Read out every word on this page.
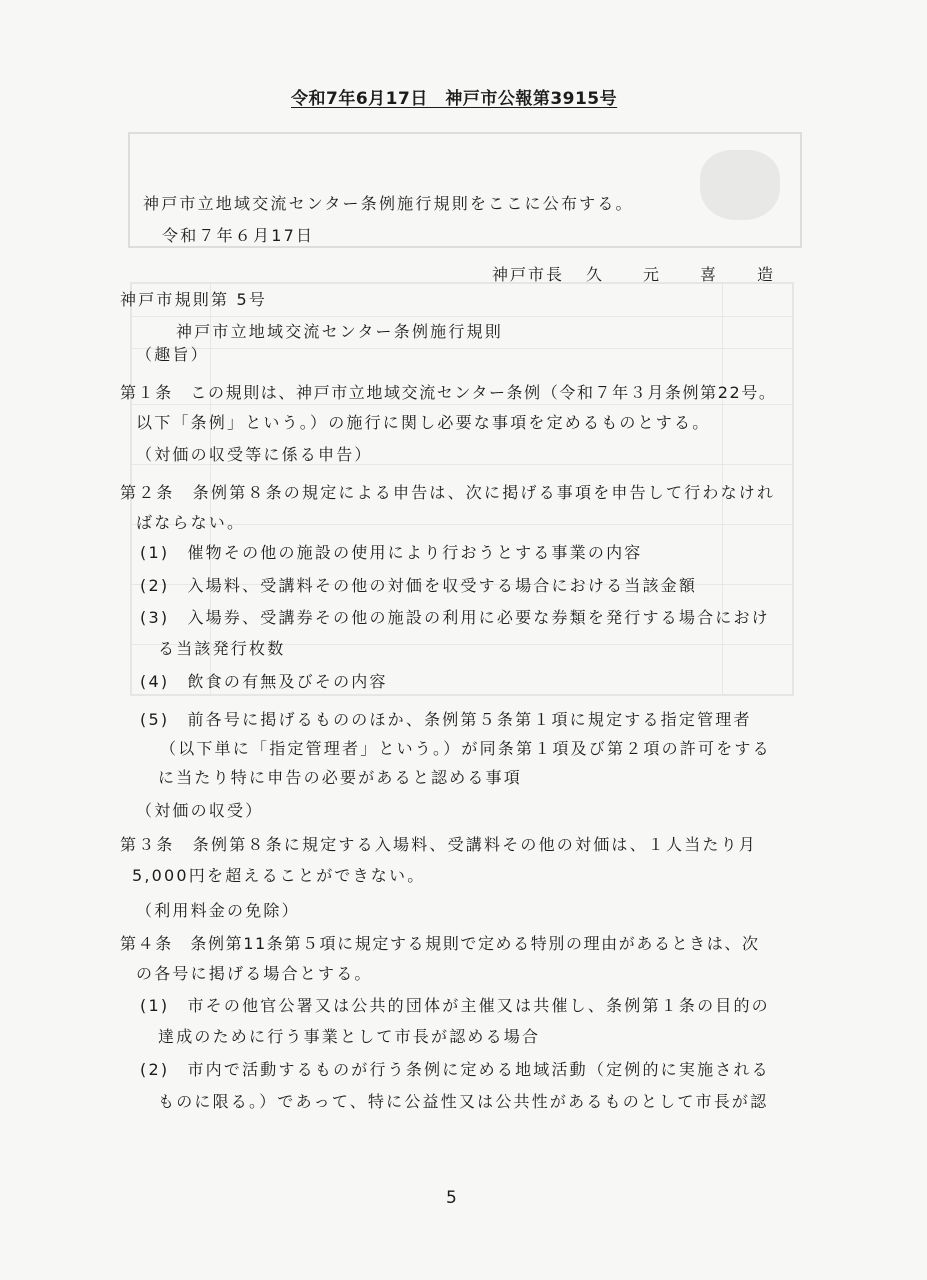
令和7年6月17日　神戸市公報第3915号
神戸市立地域交流センター条例施行規則をここに公布する。
令和７年６月17日
神戸市長 久	元	喜	造
神戸市規則第 5号
神戸市立地域交流センター条例施行規則
（趣旨）
第１条　この規則は、神戸市立地域交流センター条例（令和７年３月条例第22号。
以下「条例」という。）の施行に関し必要な事項を定めるものとする。
（対価の収受等に係る申告）
第２条　条例第８条の規定による申告は、次に掲げる事項を申告して行わなけれ
ばならない。
(1)　催物その他の施設の使用により行おうとする事業の内容
(2)　入場料、受講料その他の対価を収受する場合における当該金額
(3)　入場券、受講券その他の施設の利用に必要な券類を発行する場合におけ
る当該発行枚数
(4)　飲食の有無及びその内容
(5)　前各号に掲げるもののほか、条例第５条第１項に規定する指定管理者
（以下単に「指定管理者」という。）が同条第１項及び第２項の許可をする
に当たり特に申告の必要があると認める事項
（対価の収受）
第３条　条例第８条に規定する入場料、受講料その他の対価は、１人当たり月
5,000円を超えることができない。
（利用料金の免除）
第４条　条例第11条第５項に規定する規則で定める特別の理由があるときは、次
の各号に掲げる場合とする。
(1)　市その他官公署又は公共的団体が主催又は共催し、条例第１条の目的の
達成のために行う事業として市長が認める場合
(2)　市内で活動するものが行う条例に定める地域活動（定例的に実施される
ものに限る。）であって、特に公益性又は公共性があるものとして市長が認
5
